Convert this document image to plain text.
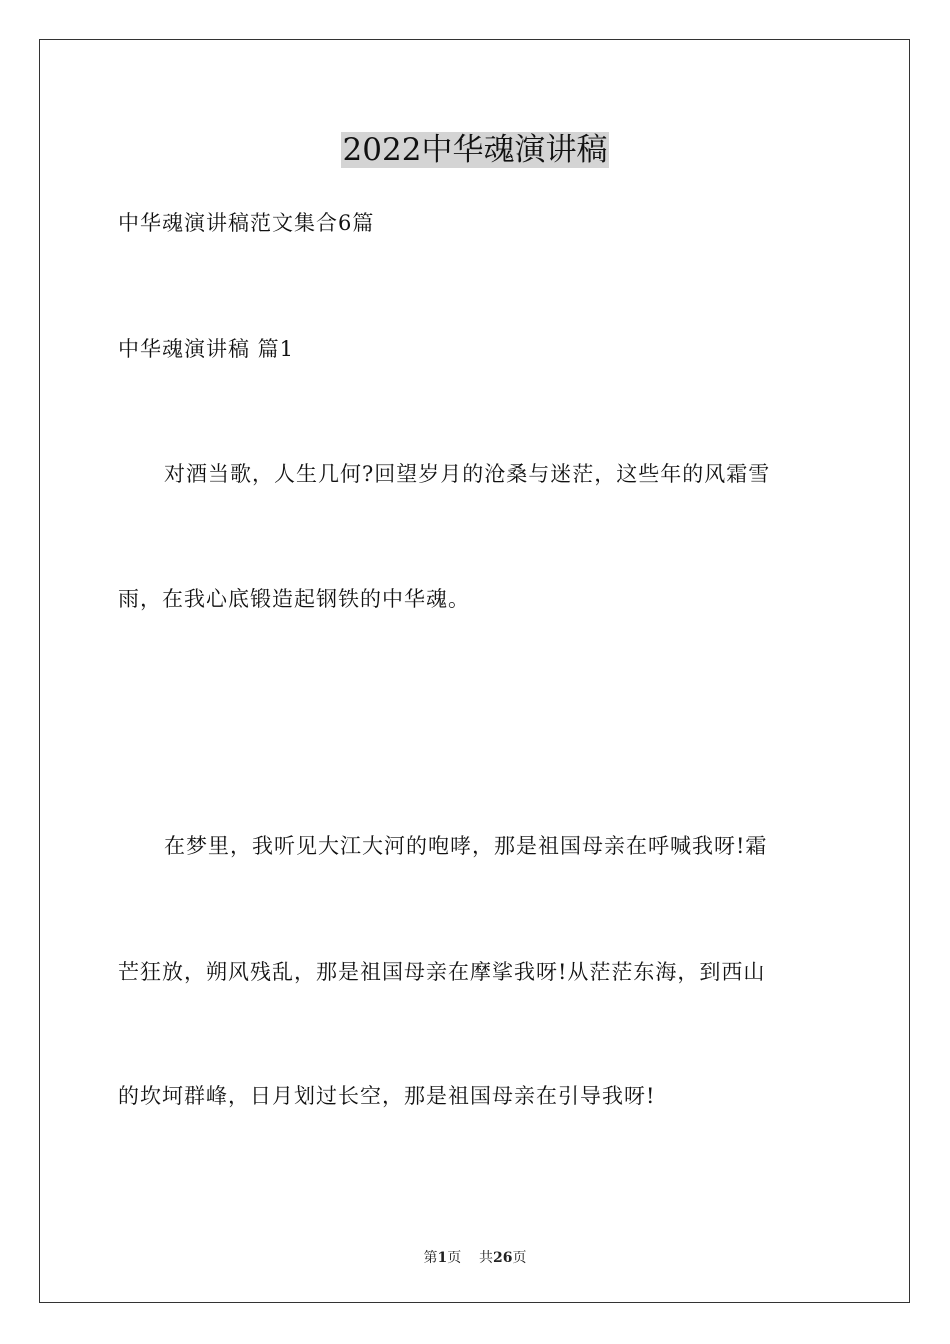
2022中华魂演讲稿

中华魂演讲稿范文集合6篇

中华魂演讲稿 篇1

对酒当歌，人生几何?回望岁月的沧桑与迷茫，这些年的风霜雪

雨，在我心底锻造起钢铁的中华魂。

在梦里，我听见大江大河的咆哮，那是祖国母亲在呼喊我呀!霜

芒狂放，朔风残乱，那是祖国母亲在摩挲我呀!从茫茫东海，到西山

的坎坷群峰，日月划过长空，那是祖国母亲在引导我呀!

第1页 共26页
